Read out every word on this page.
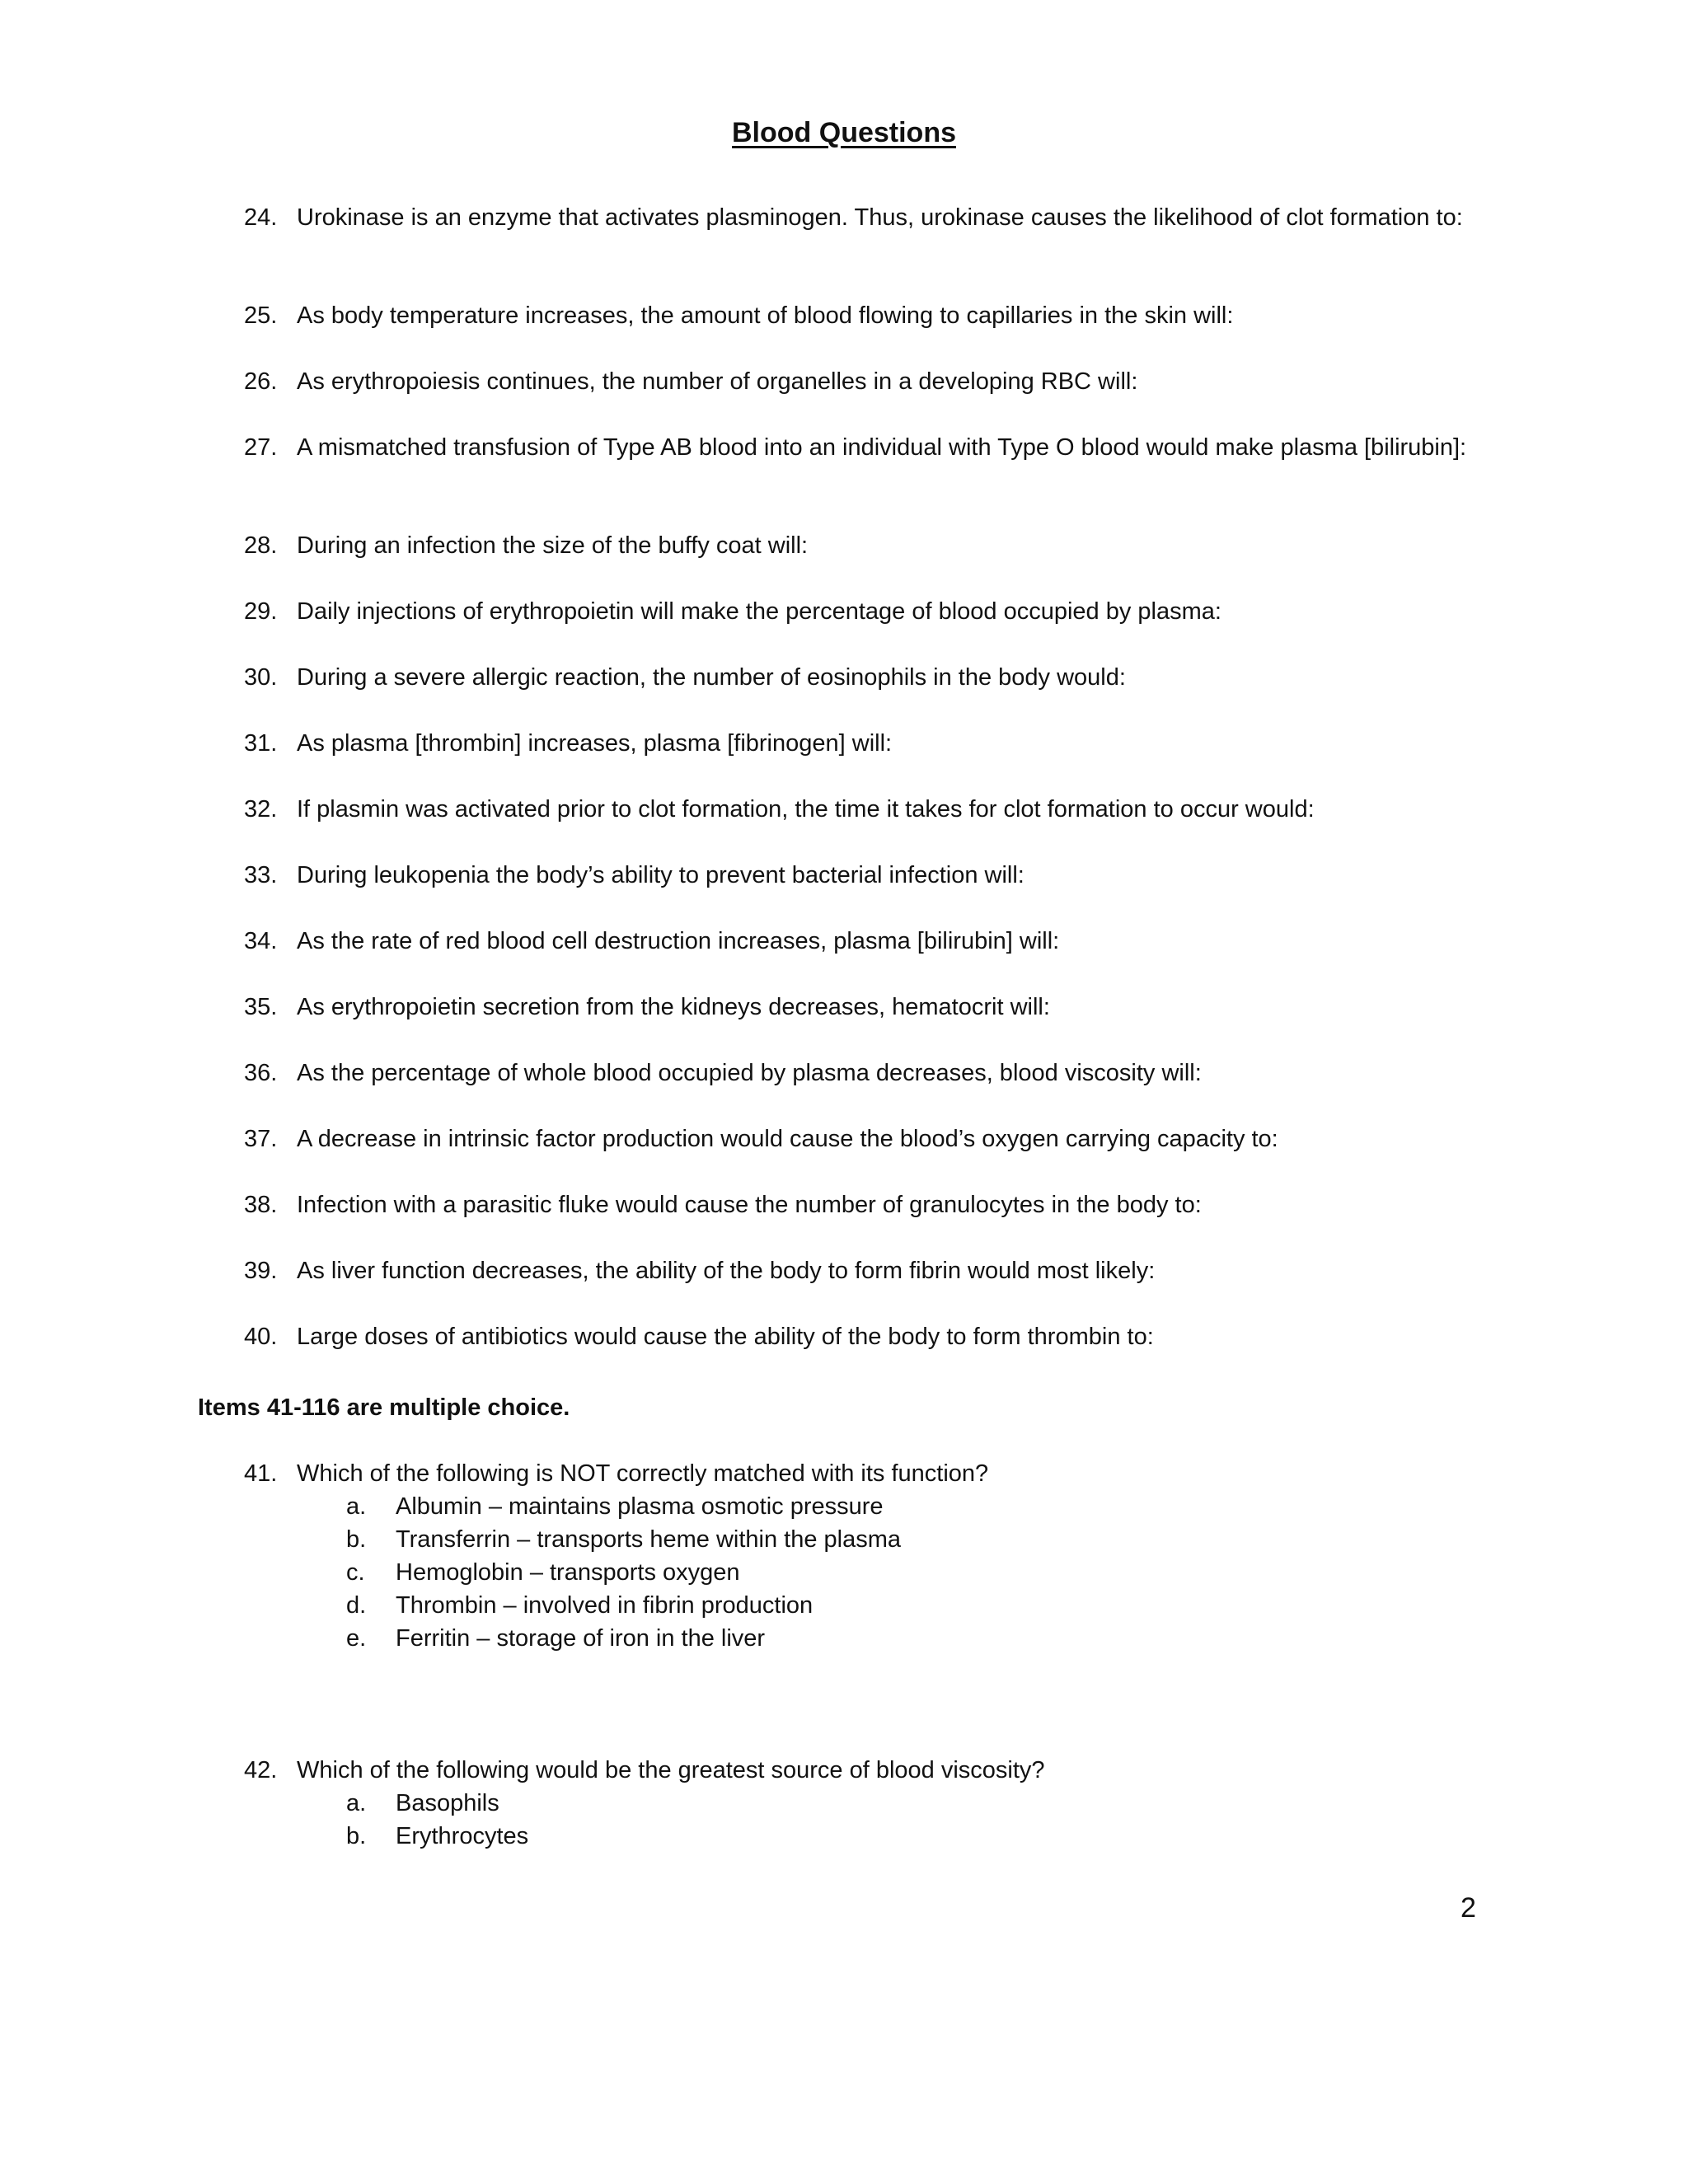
Blood Questions
24. Urokinase is an enzyme that activates plasminogen. Thus, urokinase causes the likelihood of clot formation to:
25. As body temperature increases, the amount of blood flowing to capillaries in the skin will:
26. As erythropoiesis continues, the number of organelles in a developing RBC will:
27. A mismatched transfusion of Type AB blood into an individual with Type O blood would make plasma [bilirubin]:
28. During an infection the size of the buffy coat will:
29. Daily injections of erythropoietin will make the percentage of blood occupied by plasma:
30. During a severe allergic reaction, the number of eosinophils in the body would:
31. As plasma [thrombin] increases, plasma [fibrinogen] will:
32. If plasmin was activated prior to clot formation, the time it takes for clot formation to occur would:
33. During leukopenia the body’s ability to prevent bacterial infection will:
34. As the rate of red blood cell destruction increases, plasma [bilirubin] will:
35. As erythropoietin secretion from the kidneys decreases, hematocrit will:
36. As the percentage of whole blood occupied by plasma decreases, blood viscosity will:
37. A decrease in intrinsic factor production would cause the blood’s oxygen carrying capacity to:
38. Infection with a parasitic fluke would cause the number of granulocytes in the body to:
39. As liver function decreases, the ability of the body to form fibrin would most likely:
40. Large doses of antibiotics would cause the ability of the body to form thrombin to:
Items 41-116 are multiple choice.
41. Which of the following is NOT correctly matched with its function?
a.	Albumin – maintains plasma osmotic pressure
b.	Transferrin – transports heme within the plasma
c.	Hemoglobin – transports oxygen
d.	Thrombin – involved in fibrin production
e.	Ferritin – storage of iron in the liver
42. Which of the following would be the greatest source of blood viscosity?
a.	Basophils
b.	Erythrocytes
2
